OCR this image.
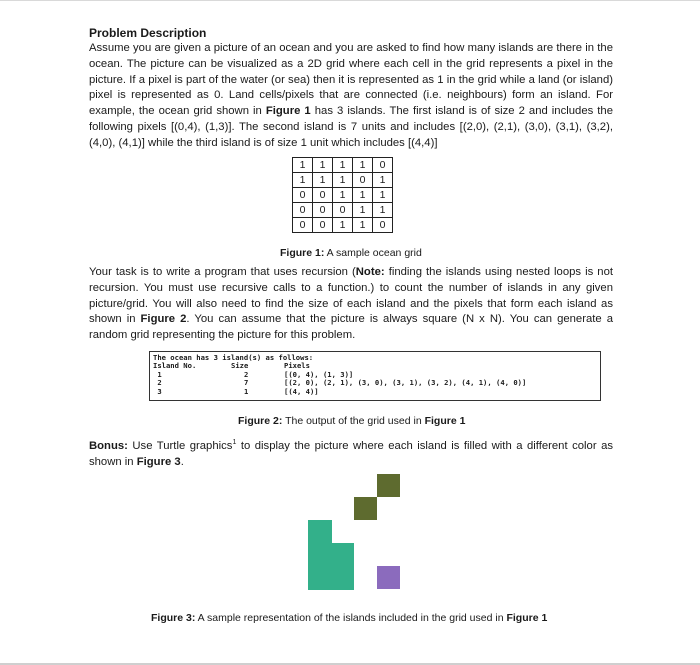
Problem Description

Assume you are given a picture of an ocean and you are asked to find how many islands are there in the ocean. The picture can be visualized as a 2D grid where each cell in the grid represents a pixel in the picture. If a pixel is part of the water (or sea) then it is represented as 1 in the grid while a land (or island) pixel is represented as 0. Land cells/pixels that are connected (i.e. neighbours) form an island. For example, the ocean grid shown in Figure 1 has 3 islands. The first island is of size 2 and includes the following pixels [(0,4), (1,3)]. The second island is 7 units and includes [(2,0), (2,1), (3,0), (3,1), (3,2), (4,0), (4,1)] while the third island is of size 1 unit which includes [(4,4)]

1	1	1	1	0
1	1	1	0	1
0	0	1	1	1
0	0	0	1	1
0	0	1	1	0
Figure 1: A sample ocean grid

Your task is to write a program that uses recursion (Note: finding the islands using nested loops is not recursion. You must use recursive calls to a function.) to count the number of islands in any given picture/grid. You will also need to find the size of each island and the pixels that form each island as shown in Figure 2. You can assume that the picture is always square (N x N). You can generate a random grid representing the picture for this problem.

The ocean has 3 island(s) as follows:
Island No.	Size	Pixels
1	2	[(0, 4), (1, 3)]
2	7	[(2, 0), (2, 1), (3, 0), (3, 1), (3, 2), (4, 1), (4, 0)]
3	1	[(4, 4)]
Figure 2: The output of the grid used in Figure 1

Bonus: Use Turtle graphics$^1$ to display the picture where each island is filled with a different color as shown in Figure 3.

Figure 3: A sample representation of the islands included in the grid used in Figure 1
